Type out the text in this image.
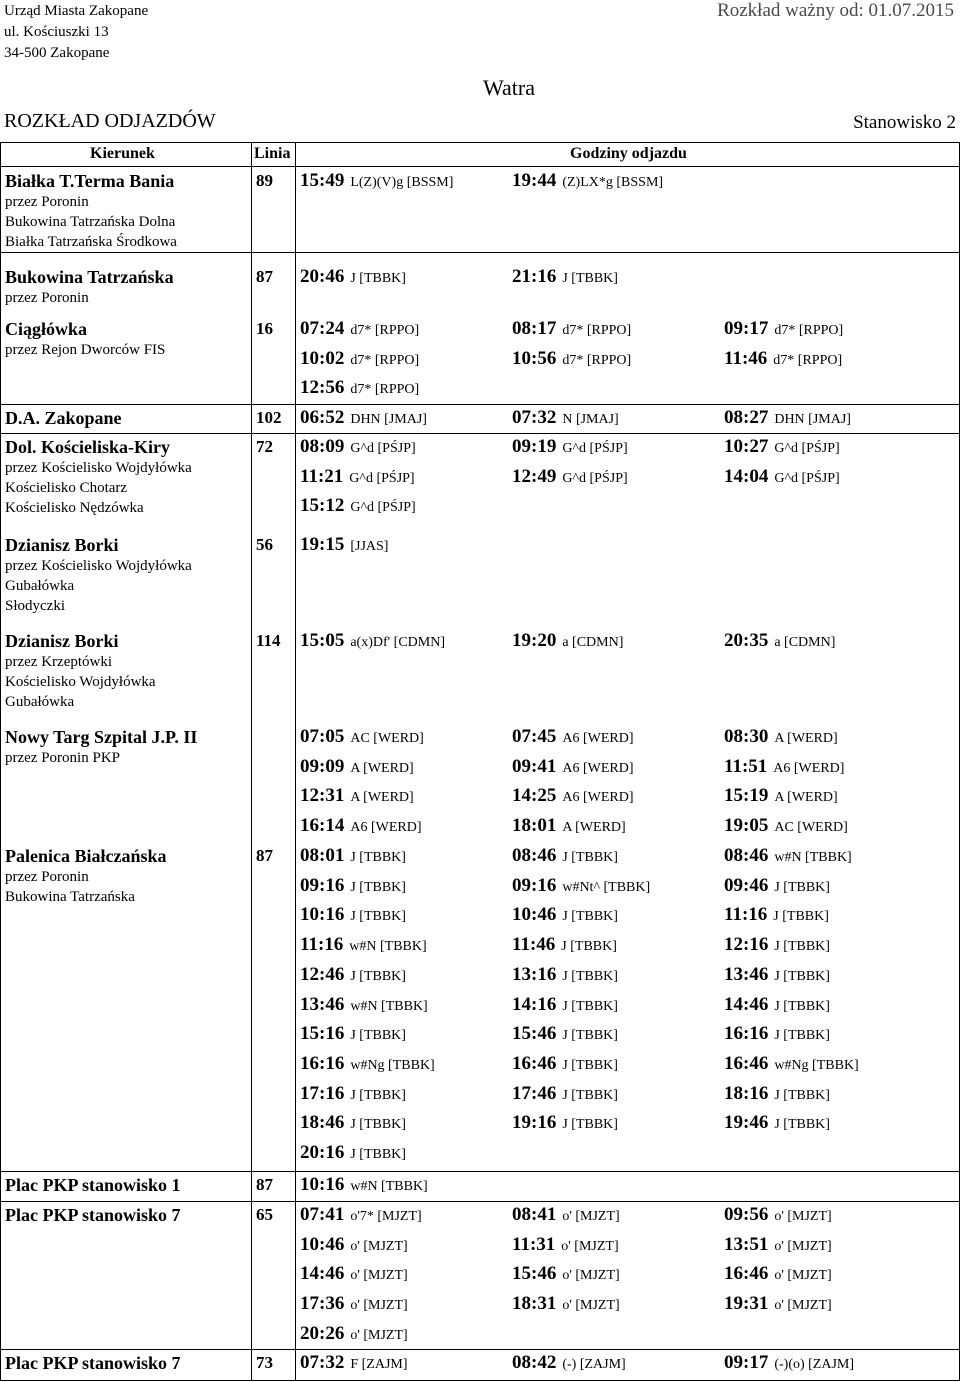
Urząd Miasta Zakopane
ul. Kościuszki 13
34-500 Zakopane
Rozkład ważny od: 01.07.2015
Watra
ROZKŁAD ODJAZDÓW	Stanowisko 2
Kierunek	Linia	Godziny odjazdu
Białka T.Terma Bania
przez Poronin
Bukowina Tatrzańska Dolna
Białka Tatrzańska Środkowa
89 15:49 L(Z)(V)g [BSSM]	19:44 (Z)LX*g [BSSM]
Bukowina Tatrzańska
przez Poronin
87 20:46 J [TBBK]	21:16 J [TBBK]
Ciągłówka
przez Rejon Dworców FIS
16 07:24 d7* [RPPO]	08:17 d7* [RPPO]	09:17 d7* [RPPO]
10:02 d7* [RPPO]	10:56 d7* [RPPO]	11:46 d7* [RPPO]
12:56 d7* [RPPO]
D.A. Zakopane	102 06:52 DHN [JMAJ]	07:32 N [JMAJ]	08:27 DHN [JMAJ]
Dol. Kościeliska-Kiry
przez Kościelisko Wojdyłówka
Kościelisko Chotarz
Kościelisko Nędzówka
72 08:09 G^d [PŚJP]	09:19 G^d [PŚJP]	10:27 G^d [PŚJP]
11:21 G^d [PŚJP]	12:49 G^d [PŚJP]	14:04 G^d [PŚJP]
15:12 G^d [PŚJP]
Dzianisz Borki
przez Kościelisko Wojdyłówka
Gubałówka
Słodyczki
56 19:15 [JJAS]
Dzianisz Borki
przez Krzeptówki
Kościelisko Wojdyłówka
Gubałówka
114 15:05 a(x)Df' [CDMN]	19:20 a [CDMN]	20:35 a [CDMN]
Nowy Targ Szpital J.P. II
przez Poronin PKP
07:05 AC [WERD]	07:45 A6 [WERD]	08:30 A [WERD]
09:09 A [WERD]	09:41 A6 [WERD]	11:51 A6 [WERD]
12:31 A [WERD]	14:25 A6 [WERD]	15:19 A [WERD]
16:14 A6 [WERD]	18:01 A [WERD]	19:05 AC [WERD]
Palenica Białczańska
przez Poronin
Bukowina Tatrzańska
87 08:01 J [TBBK]	08:46 J [TBBK]	08:46 w#N [TBBK]
09:16 J [TBBK]	09:16 w#Nt^ [TBBK]	09:46 J [TBBK]
10:16 J [TBBK]	10:46 J [TBBK]	11:16 J [TBBK]
11:16 w#N [TBBK]	11:46 J [TBBK]	12:16 J [TBBK]
12:46 J [TBBK]	13:16 J [TBBK]	13:46 J [TBBK]
13:46 w#N [TBBK]	14:16 J [TBBK]	14:46 J [TBBK]
15:16 J [TBBK]	15:46 J [TBBK]	16:16 J [TBBK]
16:16 w#Ng [TBBK]	16:46 J [TBBK]	16:46 w#Ng [TBBK]
17:16 J [TBBK]	17:46 J [TBBK]	18:16 J [TBBK]
18:46 J [TBBK]	19:16 J [TBBK]	19:46 J [TBBK]
20:16 J [TBBK]
Plac PKP stanowisko 1	87 10:16 w#N [TBBK]
Plac PKP stanowisko 7	65 07:41 o'7* [MJZT]	08:41 o' [MJZT]	09:56 o' [MJZT]
10:46 o' [MJZT]	11:31 o' [MJZT]	13:51 o' [MJZT]
14:46 o' [MJZT]	15:46 o' [MJZT]	16:46 o' [MJZT]
17:36 o' [MJZT]	18:31 o' [MJZT]	19:31 o' [MJZT]
20:26 o' [MJZT]
Plac PKP stanowisko 7	73 07:32 F [ZAJM]	08:42 (-) [ZAJM]	09:17 (-)(o) [ZAJM]
